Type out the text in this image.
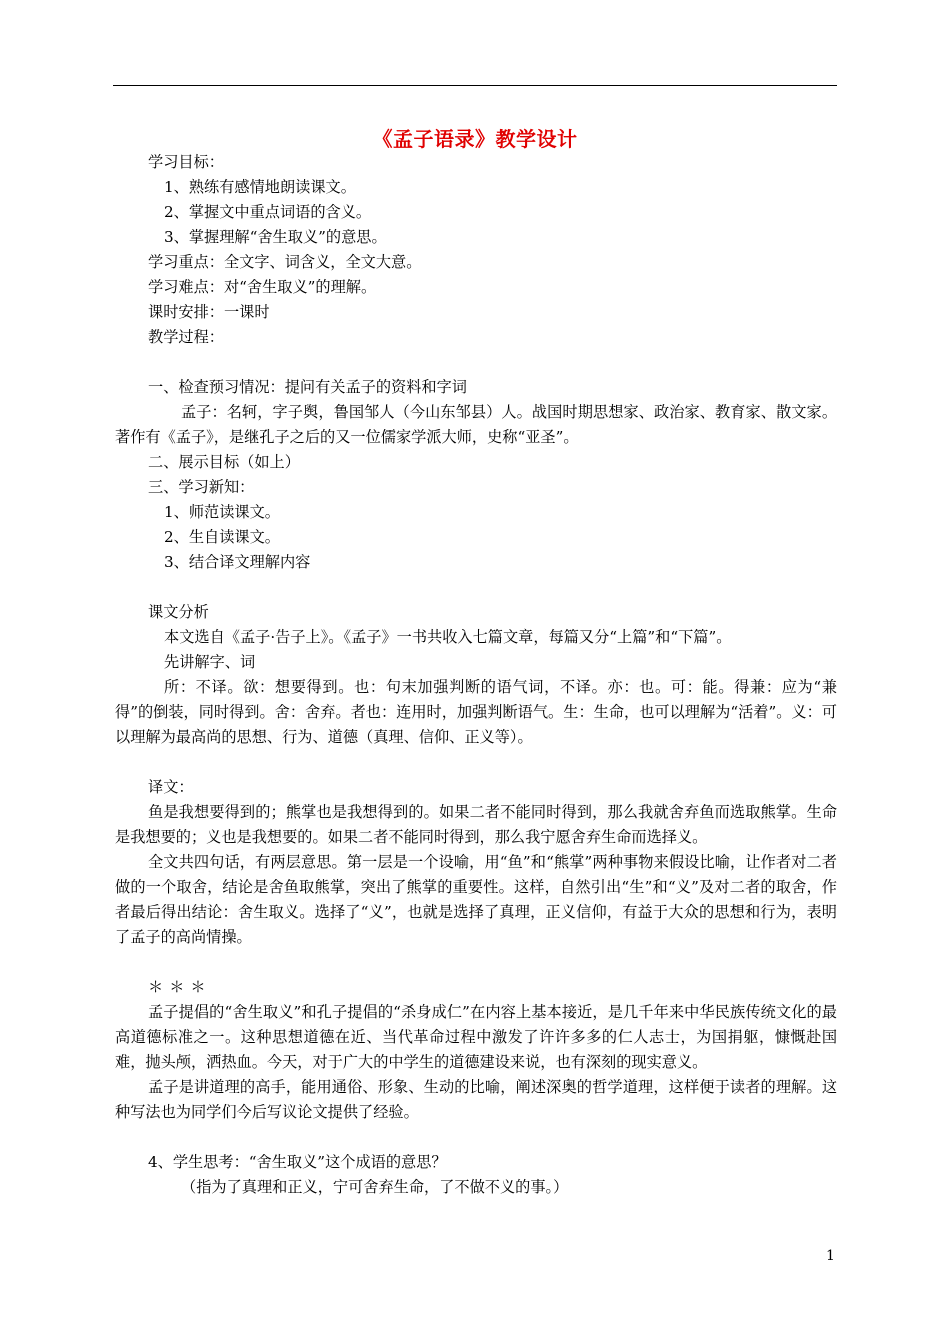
《孟子语录》教学设计

学习目标：

1、熟练有感情地朗读课文。

2、掌握文中重点词语的含义。

3、掌握理解“舍生取义”的意思。

学习重点：全文字、词含义，全文大意。

学习难点：对“舍生取义”的理解。

课时安排：一课时

教学过程：

一、检查预习情况：提问有关孟子的资料和字词

孟子：名轲，字子舆，鲁国邹人（今山东邹县）人。战国时期思想家、政治家、教育家、散文家。著作有《孟子》，是继孔子之后的又一位儒家学派大师，史称“亚圣”。

二、展示目标（如上）

三、学习新知：

1、师范读课文。

2、生自读课文。

3、结合译文理解内容

课文分析

本文选自《孟子·告子上》。《孟子》一书共收入七篇文章，每篇又分“上篇”和“下篇”。

先讲解字、词

所：不译。欲：想要得到。也：句末加强判断的语气词，不译。亦：也。可：能。得兼：应为“兼得”的倒装，同时得到。舍：舍弃。者也：连用时，加强判断语气。生：生命，也可以理解为“活着”。义：可以理解为最高尚的思想、行为、道德（真理、信仰、正义等）。

译文：

鱼是我想要得到的；熊掌也是我想得到的。如果二者不能同时得到，那么我就舍弃鱼而选取熊掌。生命是我想要的；义也是我想要的。如果二者不能同时得到，那么我宁愿舍弃生命而选择义。

全文共四句话，有两层意思。第一层是一个设喻，用“鱼”和“熊掌”两种事物来假设比喻，让作者对二者做的一个取舍，结论是舍鱼取熊掌，突出了熊掌的重要性。这样，自然引出“生”和“义”及对二者的取舍，作者最后得出结论：舍生取义。选择了“义”，也就是选择了真理，正义信仰，有益于大众的思想和行为，表明了孟子的高尚情操。

＊＊＊

孟子提倡的“舍生取义”和孔子提倡的“杀身成仁”在内容上基本接近，是几千年来中华民族传统文化的最高道德标准之一。这种思想道德在近、当代革命过程中激发了许许多多的仁人志士，为国捐躯，慷慨赴国难，抛头颅，洒热血。今天，对于广大的中学生的道德建设来说，也有深刻的现实意义。

孟子是讲道理的高手，能用通俗、形象、生动的比喻，阐述深奥的哲学道理，这样便于读者的理解。这种写法也为同学们今后写议论文提供了经验。

4、学生思考：“舍生取义”这个成语的意思？

（指为了真理和正义，宁可舍弃生命，了不做不义的事。）

1
